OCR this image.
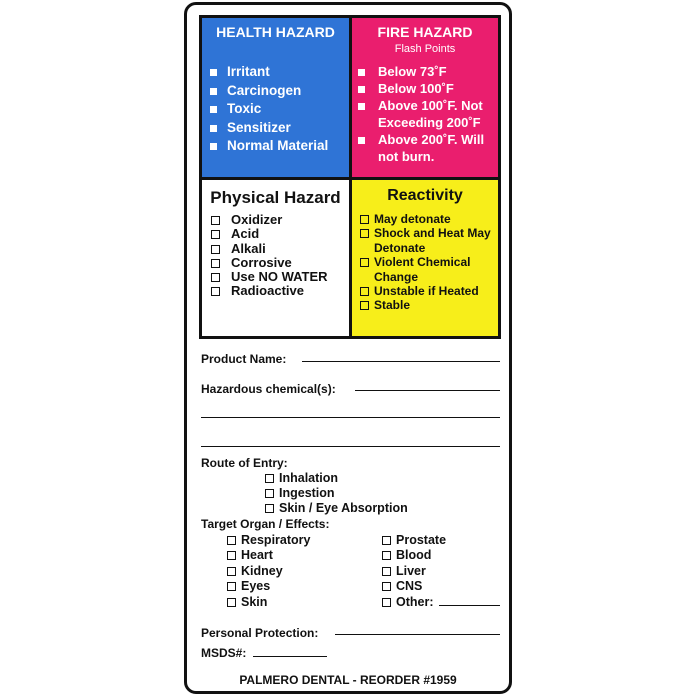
HEALTH HAZARD
Irritant
Carcinogen
Toxic
Sensitizer
Normal Material
FIRE HAZARD
Flash Points
Below 73˚F
Below 100˚F
Above 100˚F. Not Exceeding 200˚F
Above 200˚F. Will not burn.
Physical Hazard
Oxidizer
Acid
Alkali
Corrosive
Use NO WATER
Radioactive
Reactivity
May detonate
Shock and Heat May Detonate
Violent Chemical Change
Unstable if Heated
Stable
Product Name:
Hazardous chemical(s):
Route of Entry:
Inhalation
Ingestion
Skin / Eye Absorption
Target Organ / Effects:
Respiratory
Heart
Kidney
Eyes
Skin
Prostate
Blood
Liver
CNS
Other:
Personal Protection:
MSDS#:
PALMERO DENTAL - REORDER #1959
